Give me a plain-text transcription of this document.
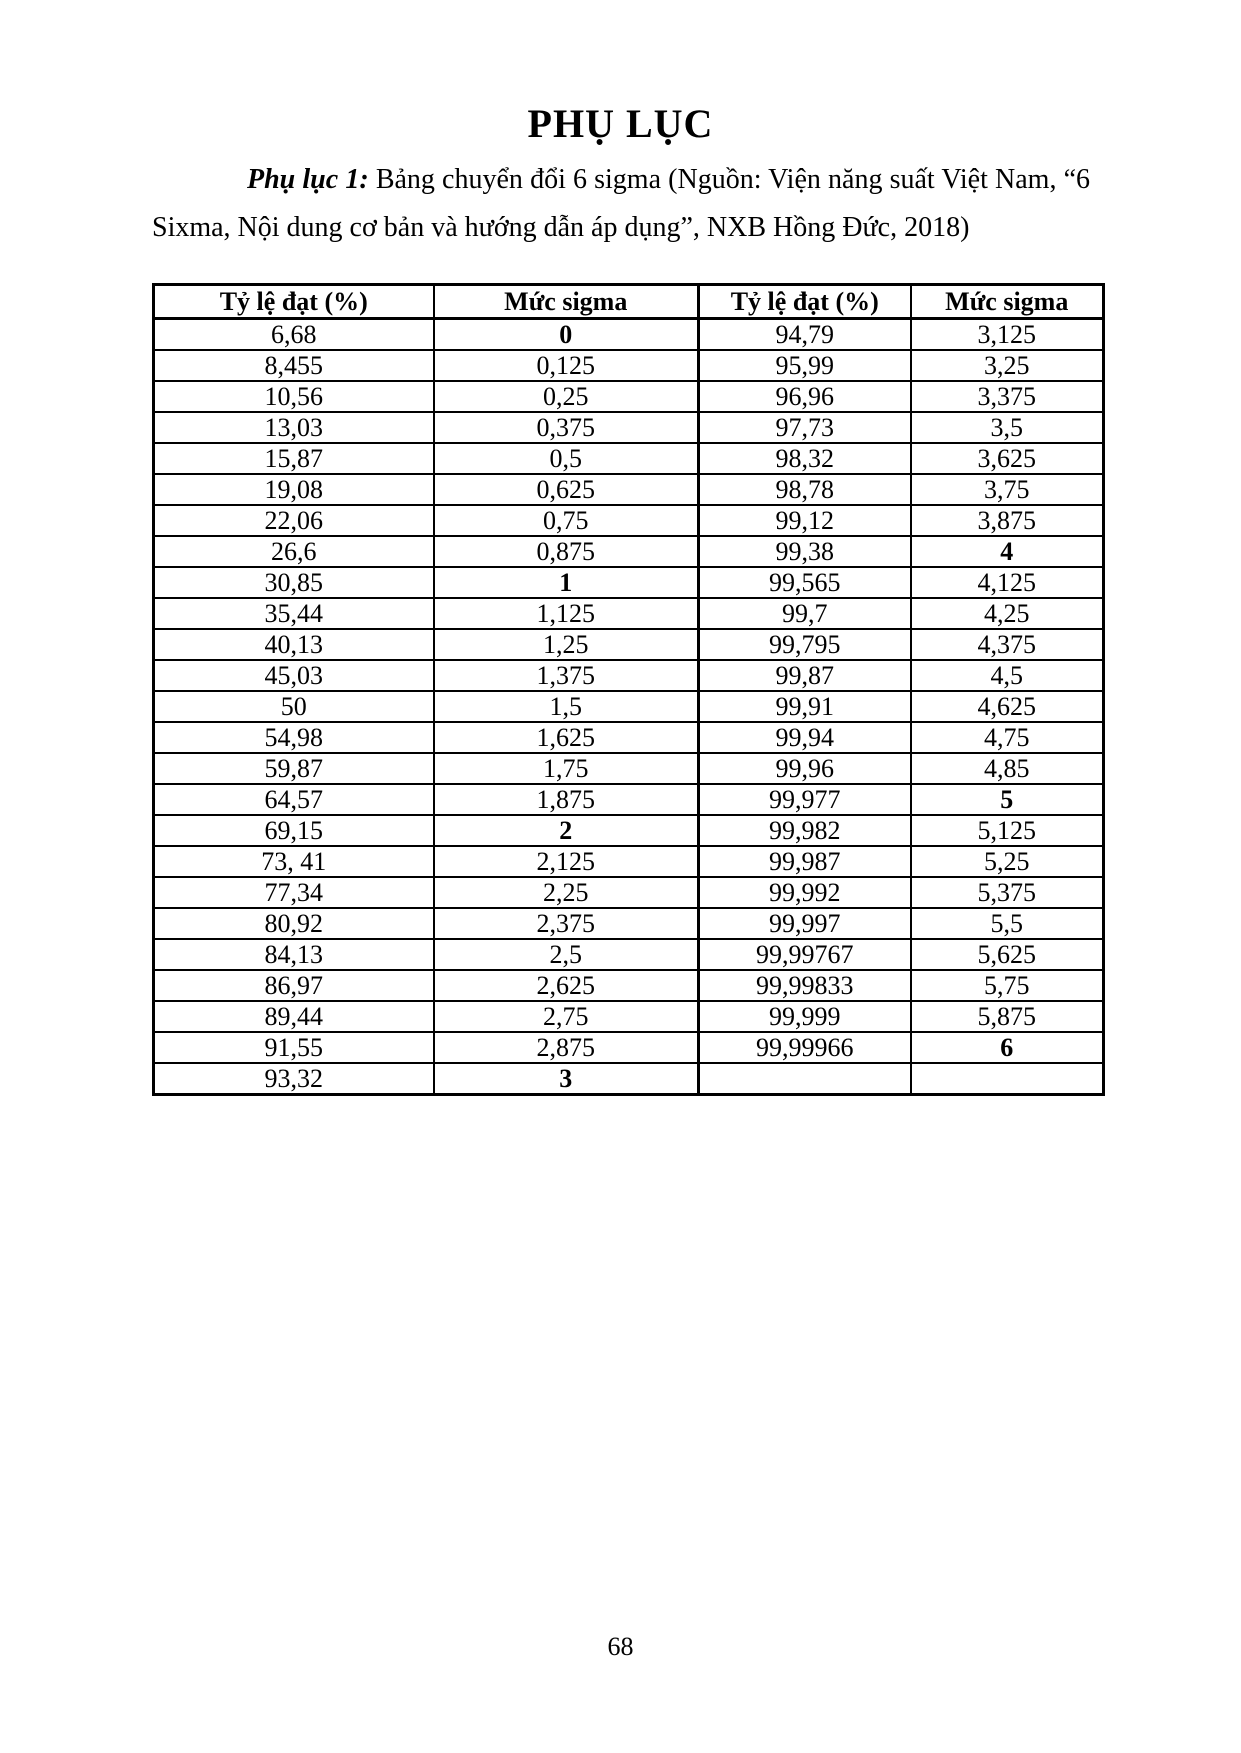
PHỤ LỤC
Phụ lục 1: Bảng chuyển đổi 6 sigma (Nguồn: Viện năng suất Việt Nam, “6
Sixma, Nội dung cơ bản và hướng dẫn áp dụng”, NXB Hồng Đức, 2018)
Tỷ lệ đạt (%)	Mức sigma	Tỷ lệ đạt (%)	Mức sigma
6,68	0	94,79	3,125
8,455	0,125	95,99	3,25
10,56	0,25	96,96	3,375
13,03	0,375	97,73	3,5
15,87	0,5	98,32	3,625
19,08	0,625	98,78	3,75
22,06	0,75	99,12	3,875
26,6	0,875	99,38	4
30,85	1	99,565	4,125
35,44	1,125	99,7	4,25
40,13	1,25	99,795	4,375
45,03	1,375	99,87	4,5
50	1,5	99,91	4,625
54,98	1,625	99,94	4,75
59,87	1,75	99,96	4,85
64,57	1,875	99,977	5
69,15	2	99,982	5,125
73, 41	2,125	99,987	5,25
77,34	2,25	99,992	5,375
80,92	2,375	99,997	5,5
84,13	2,5	99,99767	5,625
86,97	2,625	99,99833	5,75
89,44	2,75	99,999	5,875
91,55	2,875	99,99966	6
93,32	3		
68
